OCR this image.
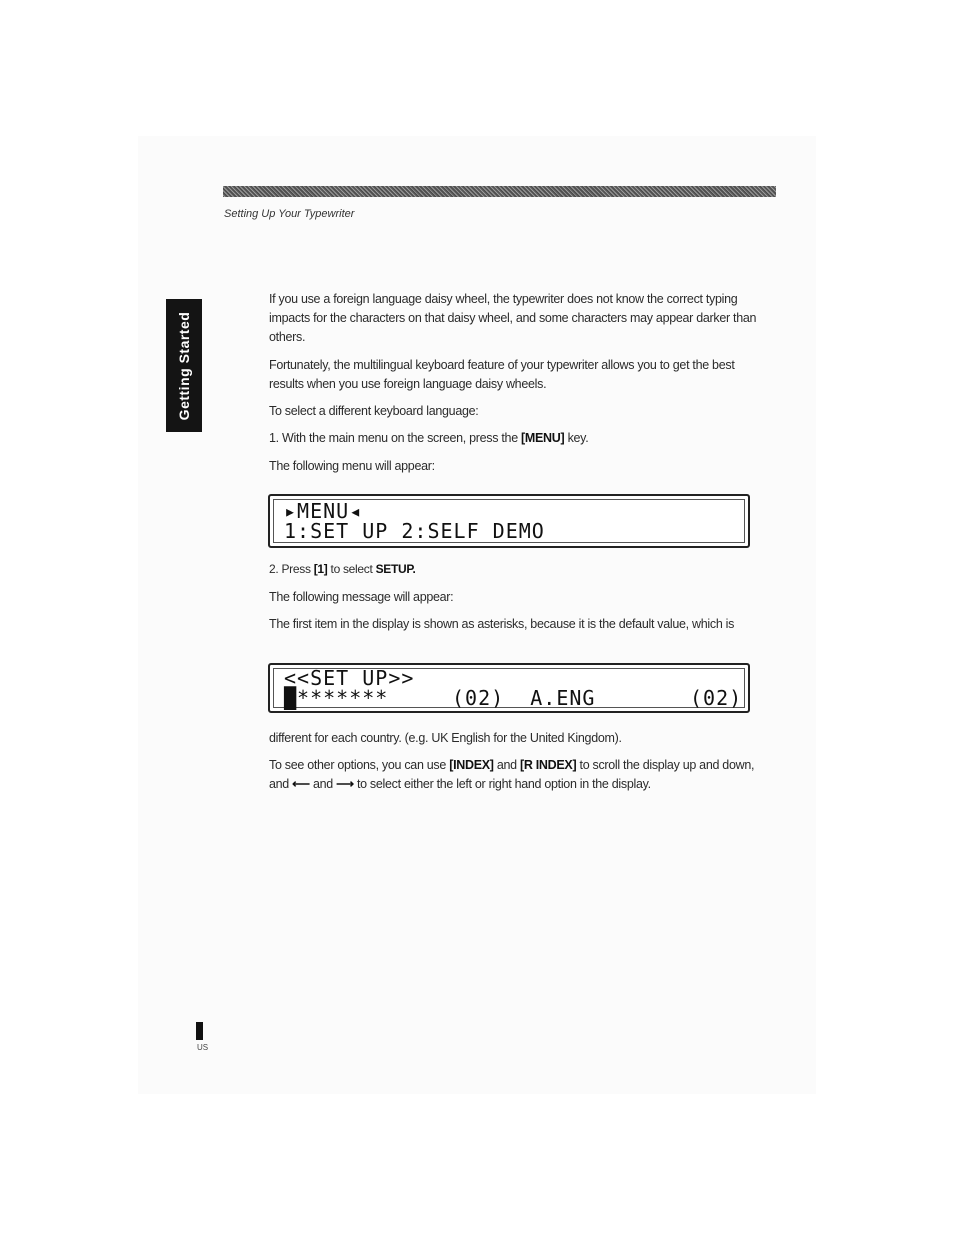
Setting Up Your Typewriter
Getting Started
If you use a foreign language daisy wheel, the typewriter does not know the correct typing impacts for the characters on that daisy wheel, and some characters may appear darker than others.
Fortunately, the multilingual keyboard feature of your typewriter allows you to get the best results when you use foreign language daisy wheels.
To select a different keyboard language:
1. With the main menu on the screen, press the [MENU] key.
The following menu will appear:
▸MENU◂
1:SET UP 2:SELF DEMO
2. Press [1] to select SETUP.
The following message will appear:
The first item in the display is shown as asterisks, because it is the default value, which is
<<SET UP>>
█*******	(02)  A.ENG	(02)
different for each country. (e.g. UK English for the United Kingdom).
To see other options, you can use [INDEX] and [R INDEX] to scroll the display up and down, and ⟵ and ⟶ to select either the left or right hand option in the display.
US
